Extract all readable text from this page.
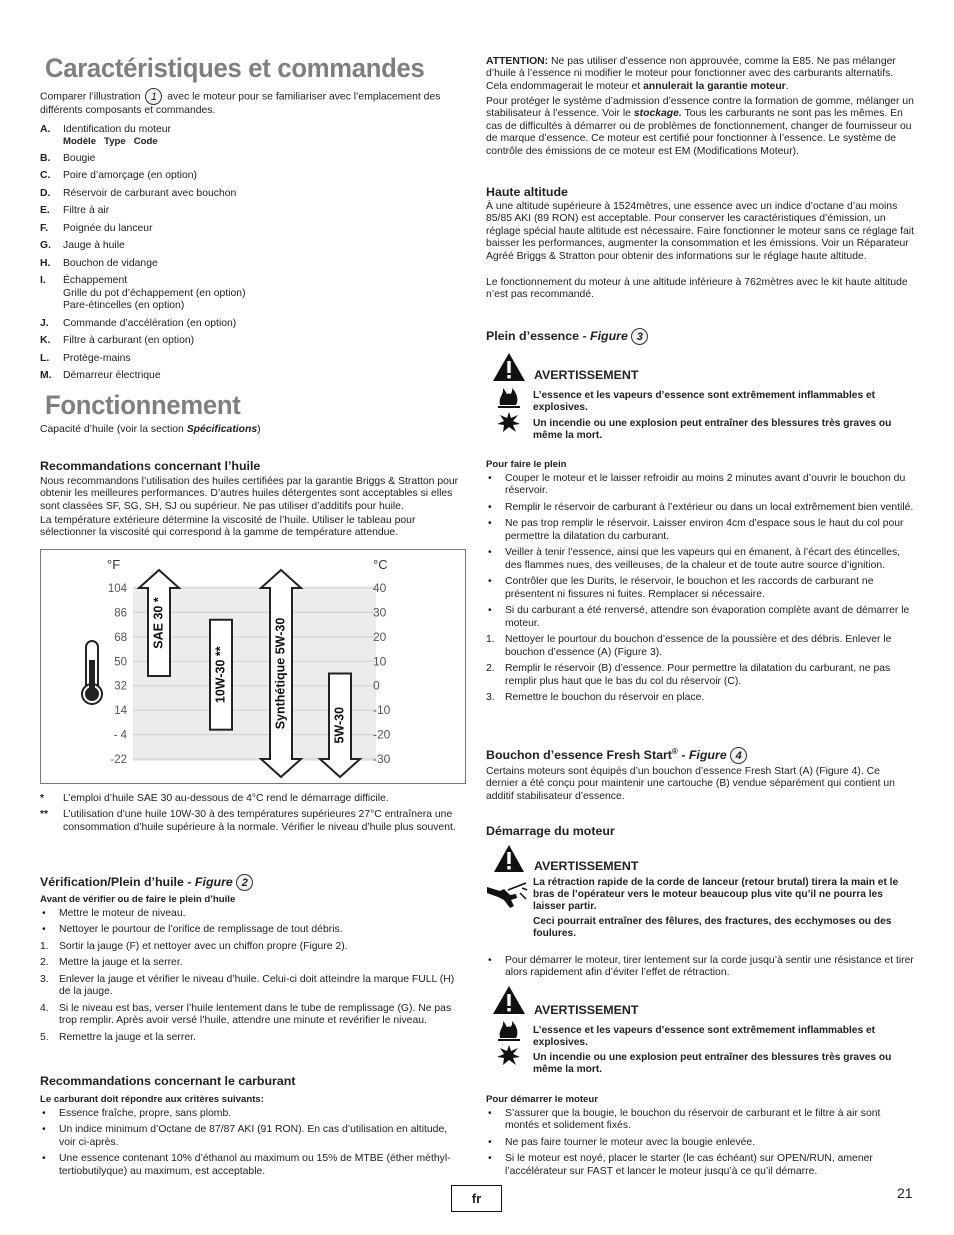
Caractéristiques et commandes

Comparer l’illustration 1 avec le moteur pour se familiariser avec l’emplacement des différents composants et commandes.

A. Identification du moteur
Modèle   Type   Code
B. Bougie
C. Poire d’amorçage (en option)
D. Réservoir de carburant avec bouchon
E. Filtre à air
F. Poignée du lanceur
G. Jauge à huile
H. Bouchon de vidange
I. Échappement
Grille du pot d’échappement (en option)
Pare-étincelles (en option)
J. Commande d’accélération (en option)
K. Filtre à carburant (en option)
L. Protège-mains
M. Démarreur électrique
Fonctionnement

Capacité d’huile (voir la section Spécifications)

Recommandations concernant l’huile

Nous recommandons l’utilisation des huiles certifiées par la garantie Briggs & Stratton pour obtenir les meilleures performances. D’autres huiles détergentes sont acceptables si elles sont classées SF, SG, SH, SJ ou supérieur. Ne pas utiliser d’additifs pour huile.

La température extérieure détermine la viscosité de l’huile. Utiliser le tableau pour sélectionner la viscosité qui correspond à la gamme de température attendue.

104	40
86	30
68	20
50	10
32	0
14	-10
- 4	-20
-22	-30
°F	°C
SAE 30 *
10W-30 **	Synthétique 5W-30	5W-30
* L’emploi d’huile SAE 30 au-dessous de 4°C rend le démarrage difficile.
** L’utilisation d’une huile 10W-30 à des températures supérieures 27°C entraînera une consommation d’huile supérieure à la normale. Vérifier le niveau d’huile plus souvent.
Vérification/Plein d’huile - Figure 2

Avant de vérifier ou de faire le plein d’huile

• Mettre le moteur de niveau.
• Nettoyer le pourtour de l’orifice de remplissage de tout débris.
1. Sortir la jauge (F) et nettoyer avec un chiffon propre (Figure 2).
2. Mettre la jauge et la serrer.
3. Enlever la jauge et vérifier le niveau d’huile. Celui-ci doit atteindre la marque FULL (H) de la jauge.
4. Si le niveau est bas, verser l’huile lentement dans le tube de remplissage (G). Ne pas trop remplir. Après avoir versé l’huile, attendre une minute et revérifier le niveau.
5. Remettre la jauge et la serrer.
Recommandations concernant le carburant

Le carburant doit répondre aux critères suivants:

• Essence fraîche, propre, sans plomb.
• Un indice minimum d’Octane de 87/87 AKI (91 RON). En cas d’utilisation en altitude, voir ci-après.
• Une essence contenant 10% d’éthanol au maximum ou 15% de MTBE (éther méthyl-tertiobutilyque) au maximum, est acceptable.

ATTENTION: Ne pas utiliser d’essence non approuvée, comme la E85. Ne pas mélanger d’huile à l’essence ni modifier le moteur pour fonctionner avec des carburants alternatifs. Cela endommagerait le moteur et annulerait la garantie moteur.

Pour protéger le système d’admission d’essence contre la formation de gomme, mélanger un stabilisateur à l’essence. Voir le stockage. Tous les carburants ne sont pas les mêmes. En cas de difficultés à démarrer ou de problèmes de fonctionnement, changer de fournisseur ou de marque d’essence. Ce moteur est certifié pour fonctionner à l’essence. Le système de contrôle des émissions de ce moteur est EM (Modifications Moteur).

Haute altitude

À une altitude supérieure à 1524mètres, une essence avec un indice d’octane d’au moins 85/85 AKI (89 RON) est acceptable. Pour conserver les caractéristiques d’émission, un réglage spécial haute altitude est nécessaire. Faire fonctionner le moteur sans ce réglage fait baisser les performances, augmenter la consommation et les émissions. Voir un Réparateur Agréé Briggs & Stratton pour obtenir des informations sur le réglage haute altitude.

Le fonctionnement du moteur à une altitude inférieure à 762mètres avec le kit haute altitude n’est pas recommandé.

Plein d’essence - Figure 3
AVERTISSEMENT

L’essence et les vapeurs d’essence sont extrêmement inflammables et explosives.

Un incendie ou une explosion peut entraîner des blessures très graves ou même la mort.

Pour faire le plein

• Couper le moteur et le laisser refroidir au moins 2 minutes avant d’ouvrir le bouchon du réservoir.
• Remplir le réservoir de carburant à l’extérieur ou dans un local extrêmement bien ventilé.
• Ne pas trop remplir le réservoir. Laisser environ 4cm d’espace sous le haut du col pour permettre la dilatation du carburant.
• Veiller à tenir l’essence, ainsi que les vapeurs qui en émanent, à l’écart des étincelles, des flammes nues, des veilleuses, de la chaleur et de toute autre source d’ignition.
• Contrôler que les Durits, le réservoir, le bouchon et les raccords de carburant ne présentent ni fissures ni fuites. Remplacer si nécessaire.
• Si du carburant a été renversé, attendre son évaporation complète avant de démarrer le moteur.
1. Nettoyer le pourtour du bouchon d’essence de la poussière et des débris. Enlever le bouchon d’essence (A) (Figure 3).
2. Remplir le réservoir (B) d’essence. Pour permettre la dilatation du carburant, ne pas remplir plus haut que le bas du col du réservoir (C).
3. Remettre le bouchon du réservoir en place.
Bouchon d’essence Fresh Start® - Figure 4

Certains moteurs sont équipés d’un bouchon d’essence Fresh Start (A) (Figure 4). Ce dernier a été conçu pour maintenir une cartouche (B) vendue séparément qui contient un additif stabilisateur d’essence.

Démarrage du moteur
AVERTISSEMENT

La rétraction rapide de la corde de lanceur (retour brutal) tirera la main et le bras de l’opérateur vers le moteur beaucoup plus vite qu’il ne pourra les laisser partir.

Ceci pourrait entraîner des fêlures, des fractures, des ecchymoses ou des foulures.

• Pour démarrer le moteur, tirer lentement sur la corde jusqu’à sentir une résistance et tirer alors rapidement afin d’éviter l’effet de rétraction.
AVERTISSEMENT

L’essence et les vapeurs d’essence sont extrêmement inflammables et explosives.

Un incendie ou une explosion peut entraîner des blessures très graves ou même la mort.

Pour démarrer le moteur

• S’assurer que la bougie, le bouchon du réservoir de carburant et le filtre à air sont montés et solidement fixés.
• Ne pas faire tourner le moteur avec la bougie enlevée.
• Si le moteur est noyé, placer le starter (le cas échéant) sur OPEN/RUN, amener l’accélérateur sur FAST et lancer le moteur jusqu’à ce qu’il démarre.
fr	21
